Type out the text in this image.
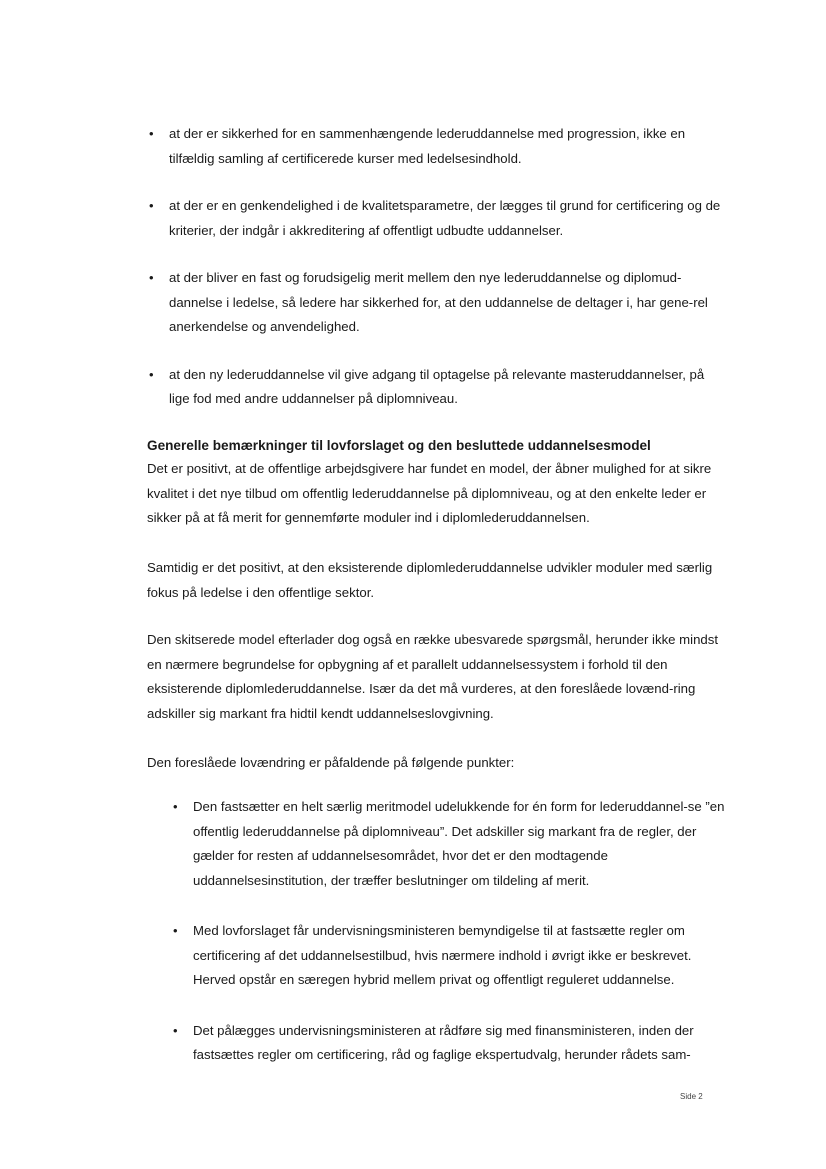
• at der er sikkerhed for en sammenhængende lederuddannelse med progression, ikke en tilfældig samling af certificerede kurser med ledelsesindhold.
• at der er en genkendelighed i de kvalitetsparametre, der lægges til grund for certificering og de kriterier, der indgår i akkreditering af offentligt udbudte uddannelser.
• at der bliver en fast og forudsigelig merit mellem den nye lederuddannelse og diplomud-dannelse i ledelse, så ledere har sikkerhed for, at den uddannelse de deltager i, har gene-rel anerkendelse og anvendelighed.
• at den ny lederuddannelse vil give adgang til optagelse på relevante masteruddannelser, på lige fod med andre uddannelser på diplomniveau.
Generelle bemærkninger til lovforslaget og den besluttede uddannelsesmodel

Det er positivt, at de offentlige arbejdsgivere har fundet en model, der åbner mulighed for at sikre kvalitet i det nye tilbud om offentlig lederuddannelse på diplomniveau, og at den enkelte leder er sikker på at få merit for gennemførte moduler ind i diplomlederuddannelsen.

Samtidig er det positivt, at den eksisterende diplomlederuddannelse udvikler moduler med særlig fokus på ledelse i den offentlige sektor.

Den skitserede model efterlader dog også en række ubesvarede spørgsmål, herunder ikke mindst en nærmere begrundelse for opbygning af et parallelt uddannelsessystem i forhold til den eksisterende diplomlederuddannelse. Især da det må vurderes, at den foreslåede lovænd-ring adskiller sig markant fra hidtil kendt uddannelseslovgivning.

Den foreslåede lovændring er påfaldende på følgende punkter:

• Den fastsætter en helt særlig meritmodel udelukkende for én form for lederuddannel-se ”en offentlig lederuddannelse på diplomniveau”. Det adskiller sig markant fra de regler, der gælder for resten af uddannelsesområdet, hvor det er den modtagende uddannelsesinstitution, der træffer beslutninger om tildeling af merit.
• Med lovforslaget får undervisningsministeren bemyndigelse til at fastsætte regler om certificering af det uddannelsestilbud, hvis nærmere indhold i øvrigt ikke er beskrevet. Herved opstår en særegen hybrid mellem privat og offentligt reguleret uddannelse.
• Det pålægges undervisningsministeren at rådføre sig med finansministeren, inden der fastsættes regler om certificering, råd og faglige ekspertudvalg, herunder rådets sam-
Side 2
